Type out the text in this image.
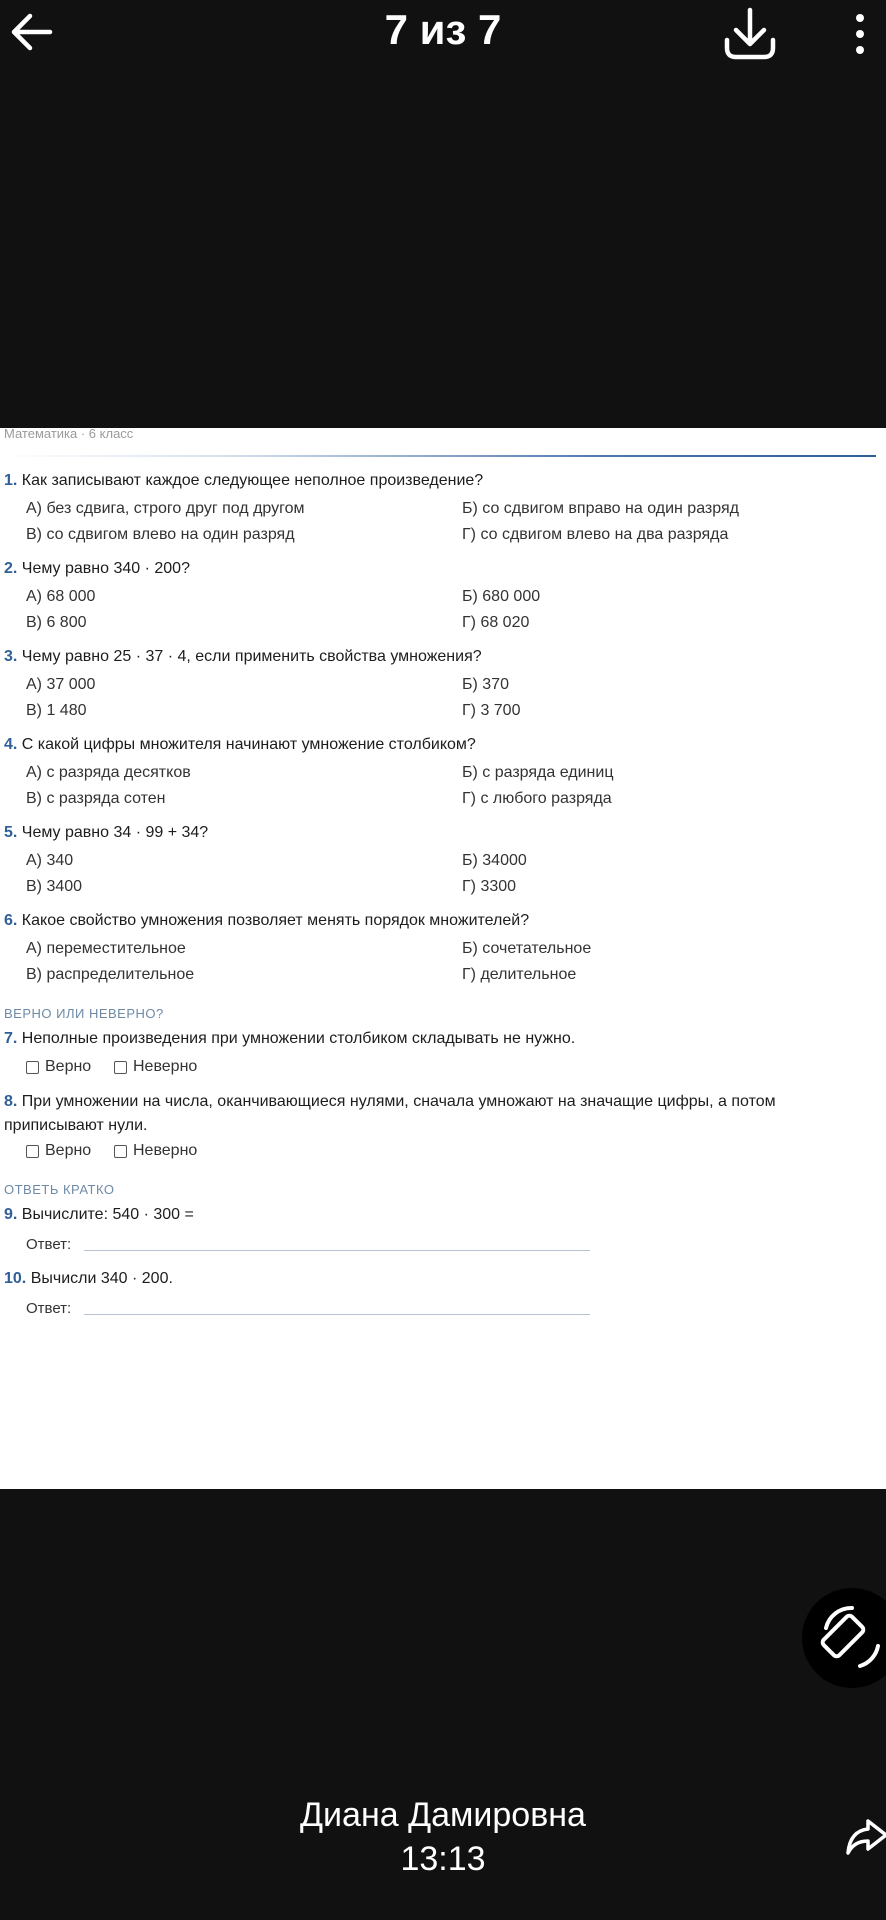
7 из 7
Математика · 6 класс
1. Как записывают каждое следующее неполное произведение?
А) без сдвига, строго друг под другом	Б) со сдвигом вправо на один разряд
В) со сдвигом влево на один разряд	Г) со сдвигом влево на два разряда
2. Чему равно 340 · 200?
А) 68 000	Б) 680 000
В) 6 800	Г) 68 020
3. Чему равно 25 · 37 · 4, если применить свойства умножения?
А) 37 000	Б) 370
В) 1 480	Г) 3 700
4. С какой цифры множителя начинают умножение столбиком?
А) с разряда десятков	Б) с разряда единиц
В) с разряда сотен	Г) с любого разряда
5. Чему равно 34 · 99 + 34?
А) 340	Б) 34000
В) 3400	Г) 3300
6. Какое свойство умножения позволяет менять порядок множителей?
А) переместительное	Б) сочетательное
В) распределительное	Г) делительное
ВЕРНО ИЛИ НЕВЕРНО?
7. Неполные произведения при умножении столбиком складывать не нужно.
Верно	Неверно
8. При умножении на числа, оканчивающиеся нулями, сначала умножают на значащие цифры, а потом приписывают нули.
Верно	Неверно
ОТВЕТЬ КРАТКО
9. Вычислите: 540 · 300 =
Ответ:
10. Вычисли 340 · 200.
Ответ:
Диана Дамировна
13:13
